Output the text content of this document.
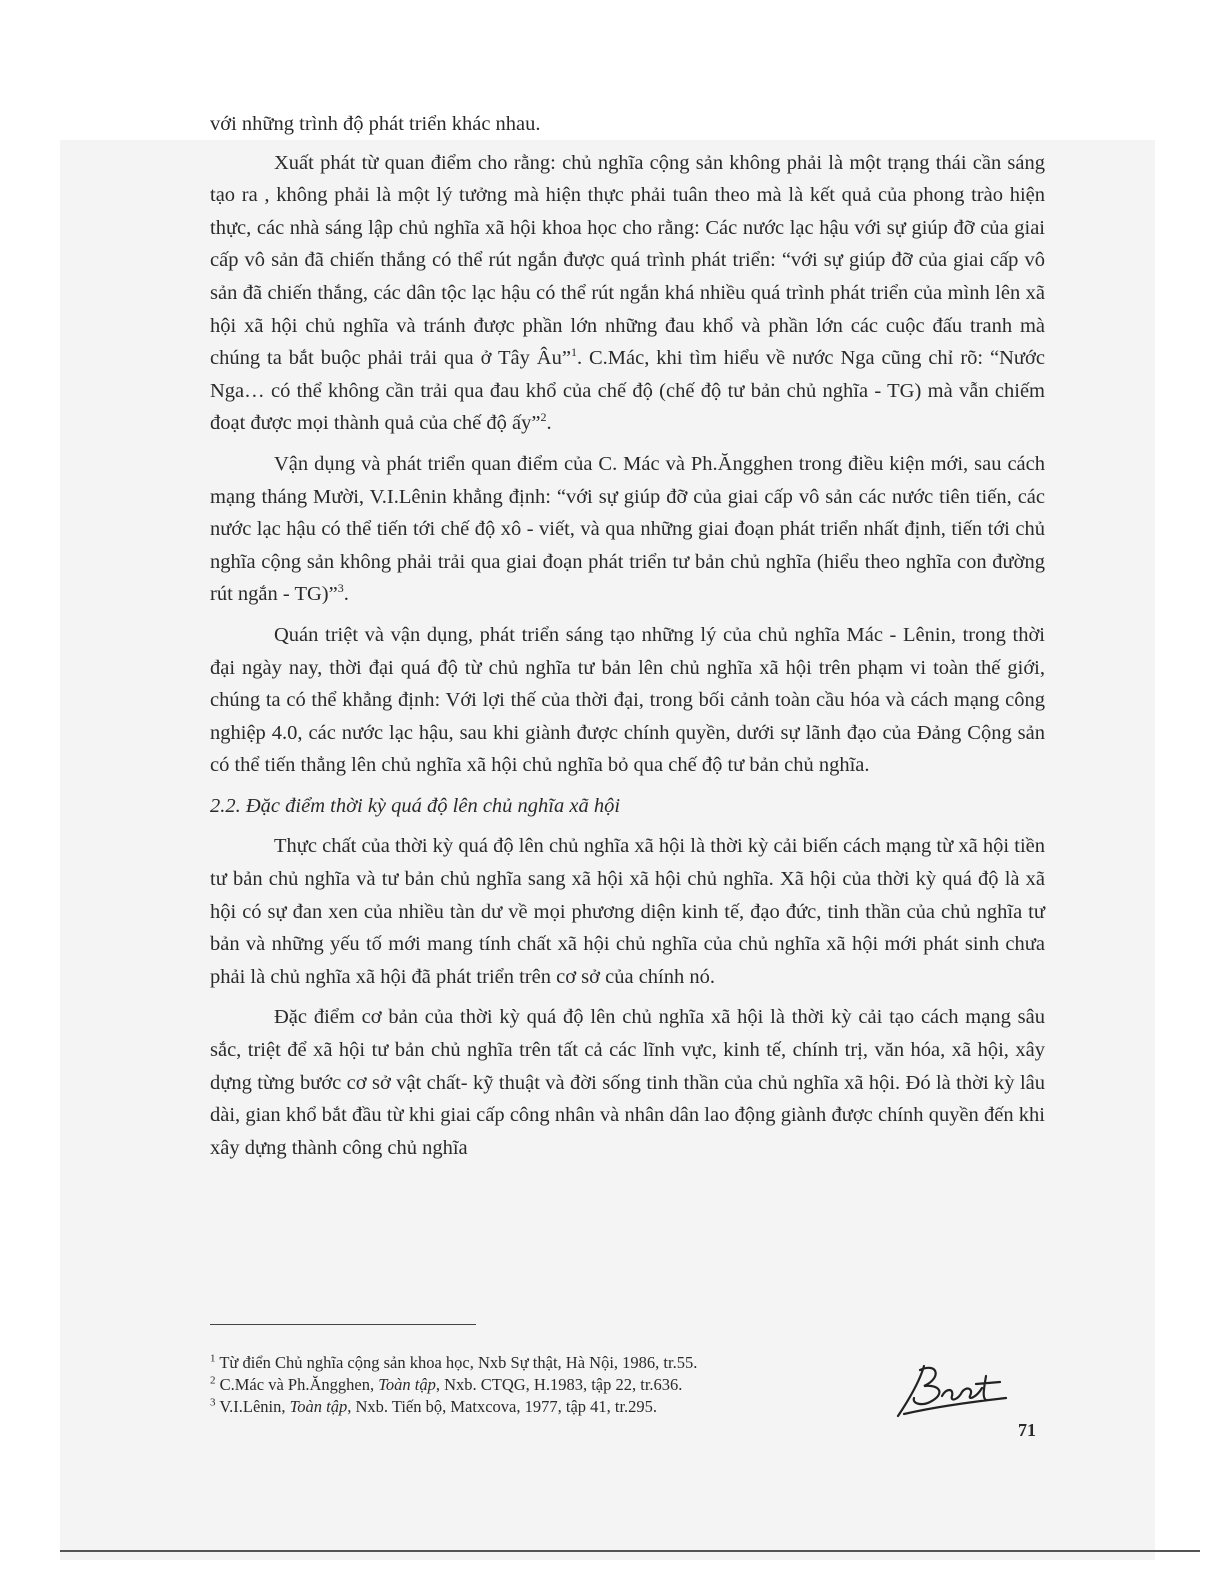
với những trình độ phát triển khác nhau.

Xuất phát từ quan điểm cho rằng: chủ nghĩa cộng sản không phải là một trạng thái cần sáng tạo ra , không phải là một lý tưởng mà hiện thực phải tuân theo mà là kết quả của phong trào hiện thực, các nhà sáng lập chủ nghĩa xã hội khoa học cho rằng: Các nước lạc hậu với sự giúp đỡ của giai cấp vô sản đã chiến thắng có thể rút ngắn được quá trình phát triển: “với sự giúp đỡ của giai cấp vô sản đã chiến thắng, các dân tộc lạc hậu có thể rút ngắn khá nhiều quá trình phát triển của mình lên xã hội xã hội chủ nghĩa và tránh được phần lớn những đau khổ và phần lớn các cuộc đấu tranh mà chúng ta bắt buộc phải trải qua ở Tây Âu”$^1$. C.Mác, khi tìm hiểu về nước Nga cũng chỉ rõ: “Nước Nga… có thể không cần trải qua đau khổ của chế độ (chế độ tư bản chủ nghĩa - TG) mà vẫn chiếm đoạt được mọi thành quả của chế độ ấy”$^2$.

Vận dụng và phát triển quan điểm của C. Mác và Ph.Ăngghen trong điều kiện mới, sau cách mạng tháng Mười, V.I.Lênin khẳng định: “với sự giúp đỡ của giai cấp vô sản các nước tiên tiến, các nước lạc hậu có thể tiến tới chế độ xô - viết, và qua những giai đoạn phát triển nhất định, tiến tới chủ nghĩa cộng sản không phải trải qua giai đoạn phát triển tư bản chủ nghĩa (hiểu theo nghĩa con đường rút ngắn - TG)”$^3$.

Quán triệt và vận dụng, phát triển sáng tạo những lý của chủ nghĩa Mác - Lênin, trong thời đại ngày nay, thời đại quá độ từ chủ nghĩa tư bản lên chủ nghĩa xã hội trên phạm vi toàn thế giới, chúng ta có thể khẳng định: Với lợi thế của thời đại, trong bối cảnh toàn cầu hóa và cách mạng công nghiệp 4.0, các nước lạc hậu, sau khi giành được chính quyền, dưới sự lãnh đạo của Đảng Cộng sản có thể tiến thẳng lên chủ nghĩa xã hội chủ nghĩa bỏ qua chế độ tư bản chủ nghĩa.

2.2. Đặc điểm thời kỳ quá độ lên chủ nghĩa xã hội

Thực chất của thời kỳ quá độ lên chủ nghĩa xã hội là thời kỳ cải biến cách mạng từ xã hội tiền tư bản chủ nghĩa và tư bản chủ nghĩa sang xã hội xã hội chủ nghĩa. Xã hội của thời kỳ quá độ là xã hội có sự đan xen của nhiều tàn dư về mọi phương diện kinh tế, đạo đức, tinh thần của chủ nghĩa tư bản và những yếu tố mới mang tính chất xã hội chủ nghĩa của chủ nghĩa xã hội mới phát sinh chưa phải là chủ nghĩa xã hội đã phát triển trên cơ sở của chính nó.

Đặc điểm cơ bản của thời kỳ quá độ lên chủ nghĩa xã hội là thời kỳ cải tạo cách mạng sâu sắc, triệt để xã hội tư bản chủ nghĩa trên tất cả các lĩnh vực, kinh tế, chính trị, văn hóa, xã hội, xây dựng từng bước cơ sở vật chất- kỹ thuật và đời sống tinh thần của chủ nghĩa xã hội. Đó là thời kỳ lâu dài, gian khổ bắt đầu từ khi giai cấp công nhân và nhân dân lao động giành được chính quyền đến khi xây dựng thành công chủ nghĩa

$^1$ Từ điển Chủ nghĩa cộng sản khoa học, Nxb Sự thật, Hà Nội, 1986, tr.55.

$^2$ C.Mác và Ph.Ăngghen, Toàn tập, Nxb. CTQG, H.1983, tập 22, tr.636.

$^3$ V.I.Lênin, Toàn tập, Nxb. Tiến bộ, Matxcova, 1977, tập 41, tr.295.

71
